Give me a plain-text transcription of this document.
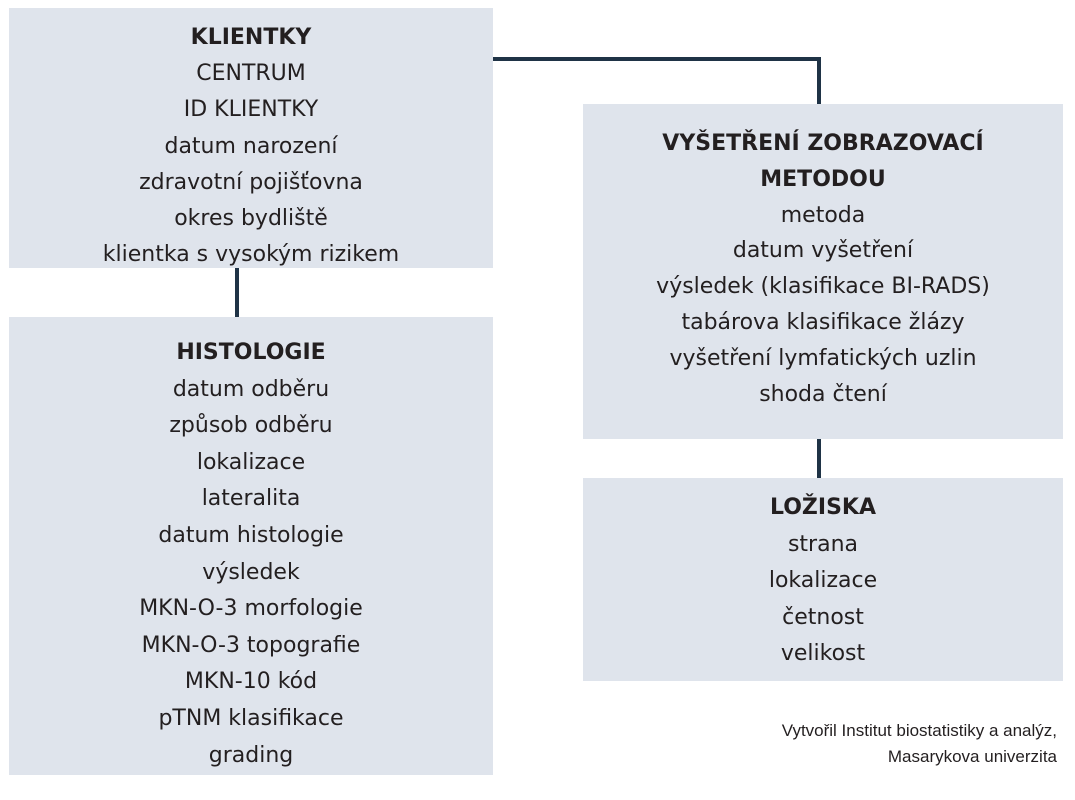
KLIENTKY
CENTRUM
ID KLIENTKY
datum narození
zdravotní pojišťovna
okres bydliště
klientka s vysokým rizikem
HISTOLOGIE
datum odběru
způsob odběru
lokalizace
lateralita
datum histologie
výsledek
MKN-O-3 morfologie
MKN-O-3 topografie
MKN-10 kód
pTNM klasifikace
grading
VYŠETŘENÍ ZOBRAZOVACÍ
METODOU
metoda
datum vyšetření
výsledek (klasifikace BI-RADS)
tabárova klasifikace žlázy
vyšetření lymfatických uzlin
shoda čtení
LOŽISKA
strana
lokalizace
četnost
velikost
Vytvořil Institut biostatistiky a analýz,
Masarykova univerzita
